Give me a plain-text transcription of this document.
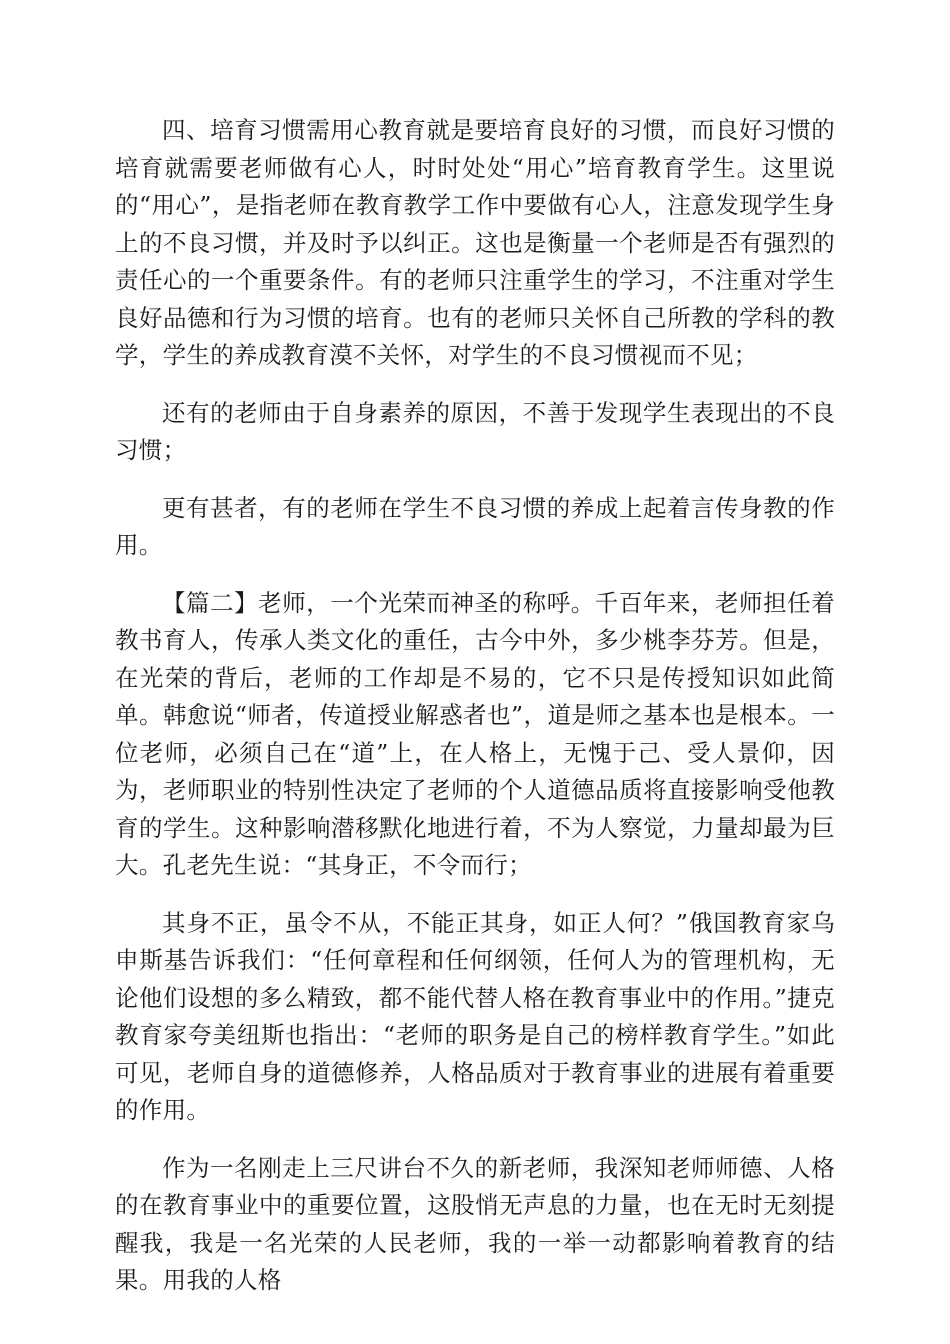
四、培育习惯需用心教育就是要培育良好的习惯，而良好习惯的培育就需要老师做有心人，时时处处“用心”培育教育学生。这里说的“用心”，是指老师在教育教学工作中要做有心人，注意发现学生身上的不良习惯，并及时予以纠正。这也是衡量一个老师是否有强烈的责任心的一个重要条件。有的老师只注重学生的学习，不注重对学生良好品德和行为习惯的培育。也有的老师只关怀自己所教的学科的教学，学生的养成教育漠不关怀，对学生的不良习惯视而不见；

还有的老师由于自身素养的原因，不善于发现学生表现出的不良习惯；

更有甚者，有的老师在学生不良习惯的养成上起着言传身教的作用。

【篇二】老师，一个光荣而神圣的称呼。千百年来，老师担任着教书育人，传承人类文化的重任，古今中外，多少桃李芬芳。但是，在光荣的背后，老师的工作却是不易的，它不只是传授知识如此简单。韩愈说“师者，传道授业解惑者也”，道是师之基本也是根本。一位老师，必须自己在“道”上，在人格上，无愧于己、受人景仰，因为，老师职业的特别性决定了老师的个人道德品质将直接影响受他教育的学生。这种影响潜移默化地进行着，不为人察觉，力量却最为巨大。孔老先生说：“其身正，不令而行；

其身不正，虽令不从，不能正其身，如正人何？”俄国教育家乌申斯基告诉我们：“任何章程和任何纲领，任何人为的管理机构，无论他们设想的多么精致，都不能代替人格在教育事业中的作用。”捷克教育家夸美纽斯也指出：“老师的职务是自己的榜样教育学生。”如此可见，老师自身的道德修养，人格品质对于教育事业的进展有着重要的作用。

作为一名刚走上三尺讲台不久的新老师，我深知老师师德、人格的在教育事业中的重要位置，这股悄无声息的力量，也在无时无刻提醒我，我是一名光荣的人民老师，我的一举一动都影响着教育的结果。用我的人格
